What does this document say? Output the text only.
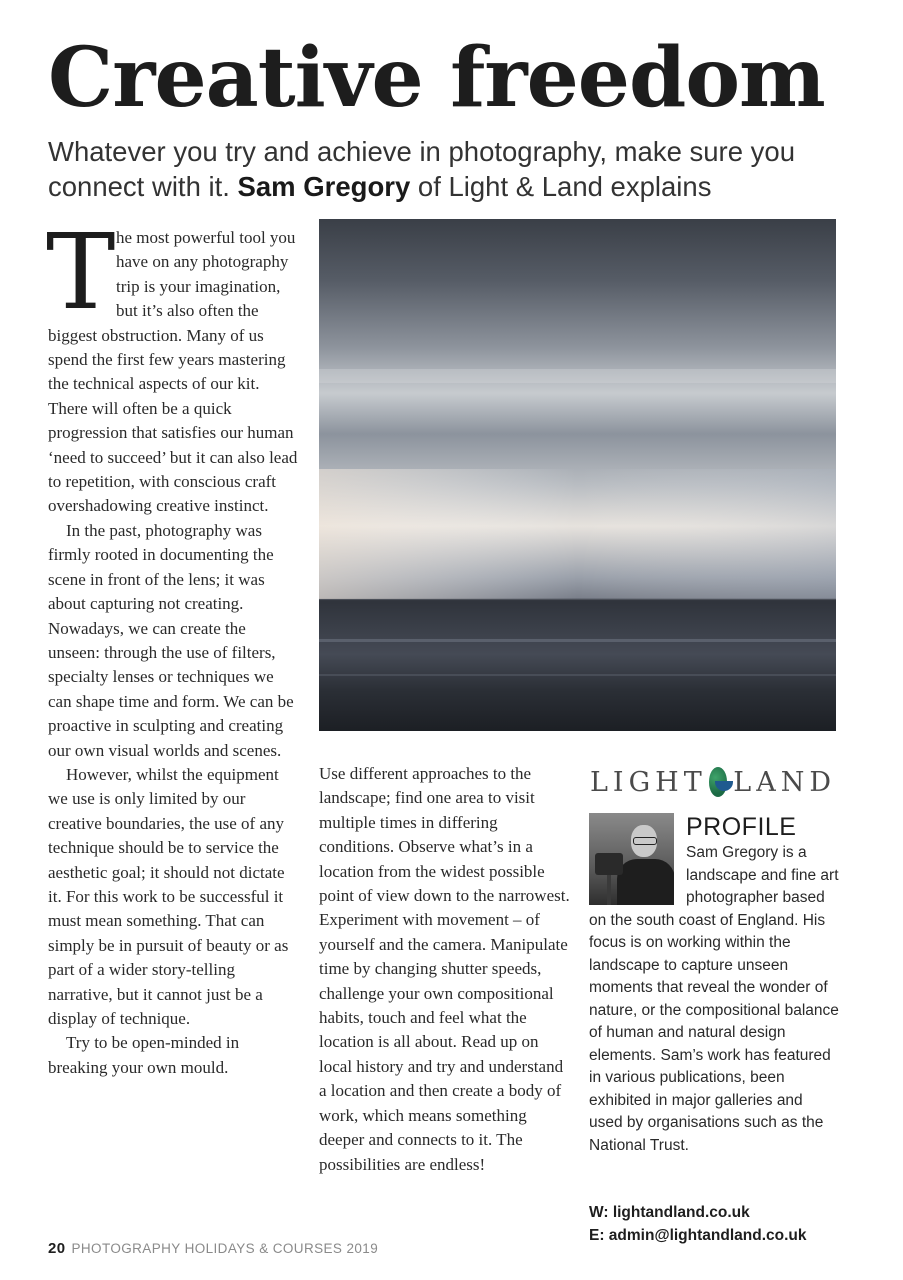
Creative freedom

Whatever you try and achieve in photography, make sure you connect with it. Sam Gregory of Light & Land explains

The most powerful tool you have on any photography trip is your imagination, but it’s also often the biggest obstruction. Many of us spend the first few years mastering the technical aspects of our kit. There will often be a quick progression that satisfies our human ‘need to succeed’ but it can also lead to repetition, with conscious craft overshadowing creative instinct.

In the past, photography was firmly rooted in documenting the scene in front of the lens; it was about capturing not creating. Nowadays, we can create the unseen: through the use of filters, specialty lenses or techniques we can shape time and form. We can be proactive in sculpting and creating our own visual worlds and scenes.

However, whilst the equipment we use is only limited by our creative boundaries, the use of any technique should be to service the aesthetic goal; it should not dictate it. For this work to be successful it must mean something. That can simply be in pursuit of beauty or as part of a wider story-telling narrative, but it cannot just be a display of technique.

Try to be open-minded in breaking your own mould.

LIGHT LAND

Use different approaches to the landscape; find one area to visit multiple times in differing conditions. Observe what’s in a location from the widest possible point of view down to the narrowest. Experiment with movement – of yourself and the camera. Manipulate time by changing shutter speeds, challenge your own compositional habits, touch and feel what the location is all about. Read up on local history and try and understand a location and then create a body of work, which means something deeper and connects to it. The possibilities are endless!

PROFILE

Sam Gregory is a landscape and fine art photographer based on the south coast of England. His focus is on working within the landscape to capture unseen moments that reveal the wonder of nature, or the compositional balance of human and natural design elements. Sam’s work has featured in various publications, been exhibited in major galleries and used by organisations such as the National Trust.

W: lightandland.co.uk
E: admin@lightandland.co.uk
20 PHOTOGRAPHY HOLIDAYS & COURSES 2019
